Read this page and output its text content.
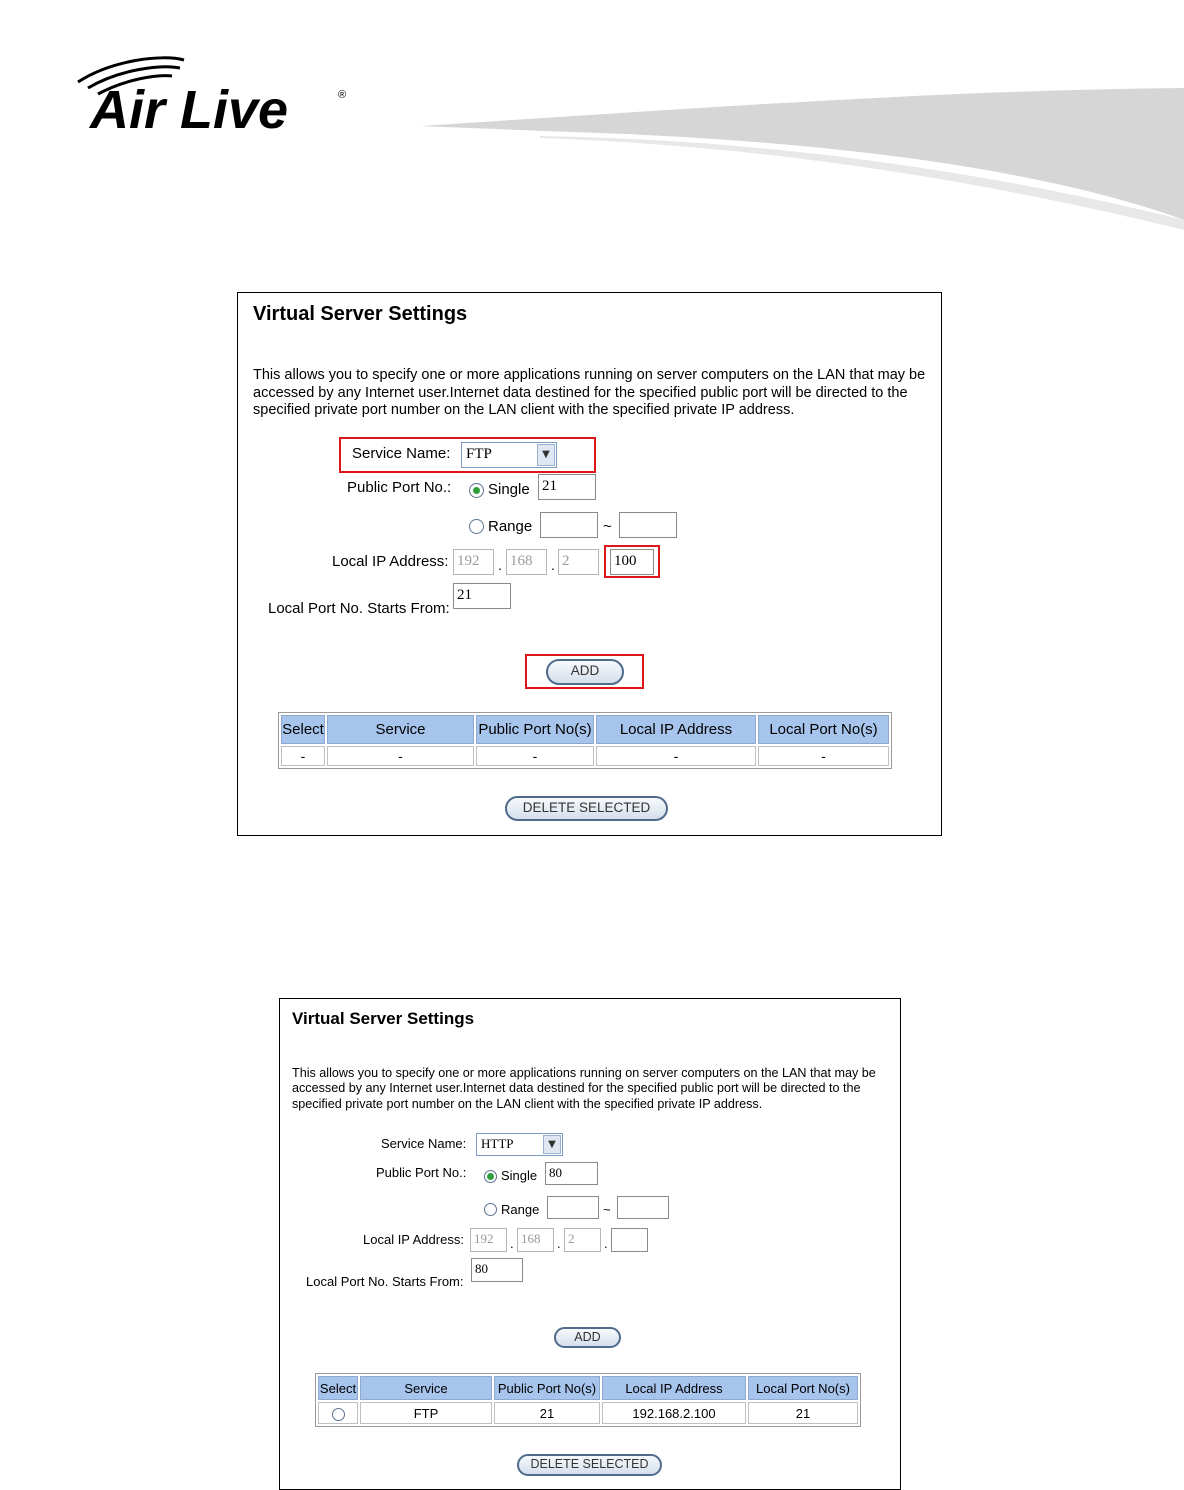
Air Live	®
Virtual Server Settings
This allows you to specify one or more applications running on server computers on the LAN that may be accessed by any Internet user.Internet data destined for the specified public port will be directed to the specified private port number on the LAN client with the specified private IP address.
Service Name:	FTP	▼
Public Port No.: Single 21
Range	~
Local IP Address: 192	. 168	. 2	. 100
Local Port No. Starts From:
21
ADD
Select	Service	Public Port No(s)	Local IP Address	Local Port No(s)
-	-	-	-	-
DELETE SELECTED
Virtual Server Settings
This allows you to specify one or more applications running on server computers on the LAN that may be accessed by any Internet user.Internet data destined for the specified public port will be directed to the specified private port number on the LAN client with the specified private IP address.
Service Name:	HTTP	▼
Public Port No.:	Single 80
Range	~
Local IP Address: 192	. 168	. 2	.
Local Port No. Starts From:
80
ADD
Select	Service	Public Port No(s)	Local IP Address	Local Port No(s)
	FTP	21	192.168.2.100	21
DELETE SELECTED
